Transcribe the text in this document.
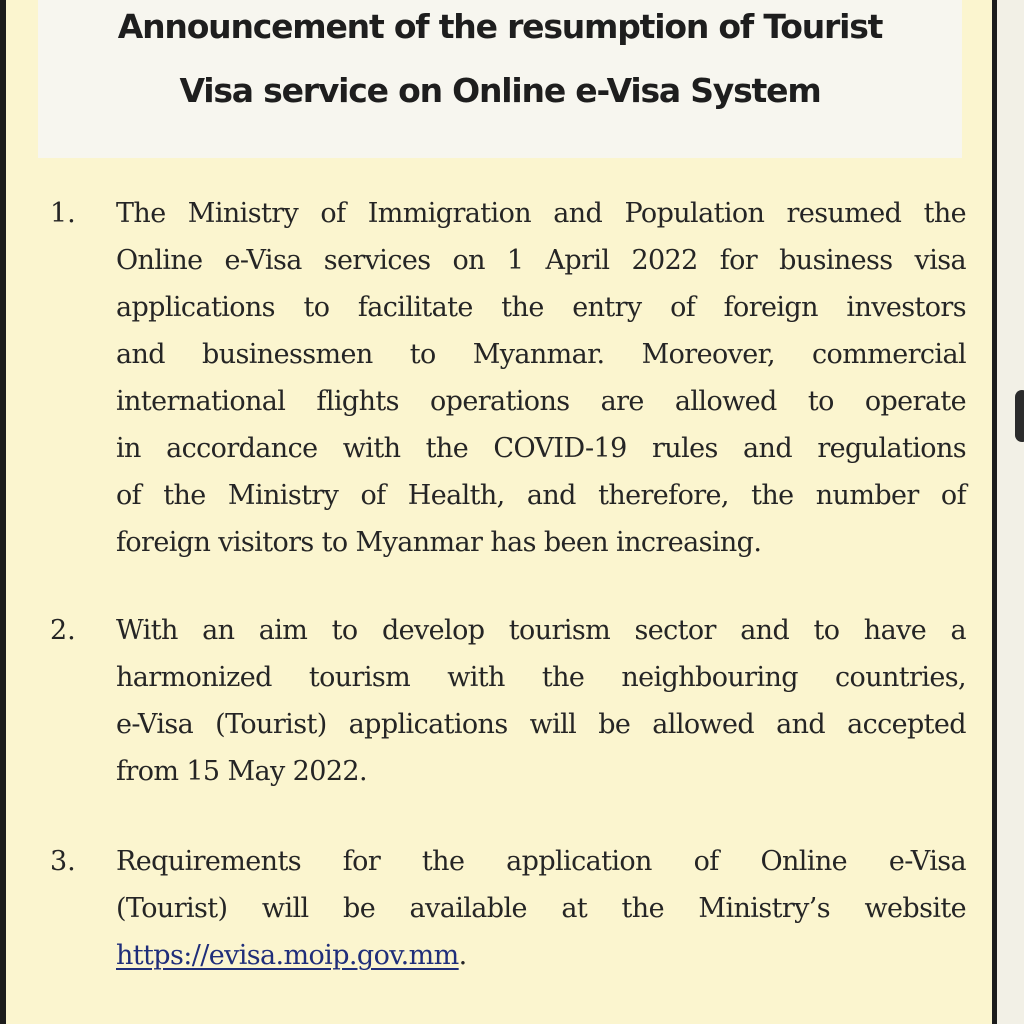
Announcement of the resumption of Tourist
Visa service on Online e-Visa System
1.	The Ministry of Immigration and Population resumed the
Online e-Visa services on 1 April 2022 for business visa
applications to facilitate the entry of foreign investors
and businessmen to Myanmar. Moreover, commercial
international flights operations are allowed to operate
in accordance with the COVID-19 rules and regulations
of the Ministry of Health, and therefore, the number of
foreign visitors to Myanmar has been increasing.
2.	With an aim to develop tourism sector and to have a
harmonized tourism with the neighbouring countries,
e-Visa (Tourist) applications will be allowed and accepted
from 15 May 2022.
3.	Requirements for the application of Online e-Visa
(Tourist) will be available at the Ministry’s website
https://evisa.moip.gov.mm.
